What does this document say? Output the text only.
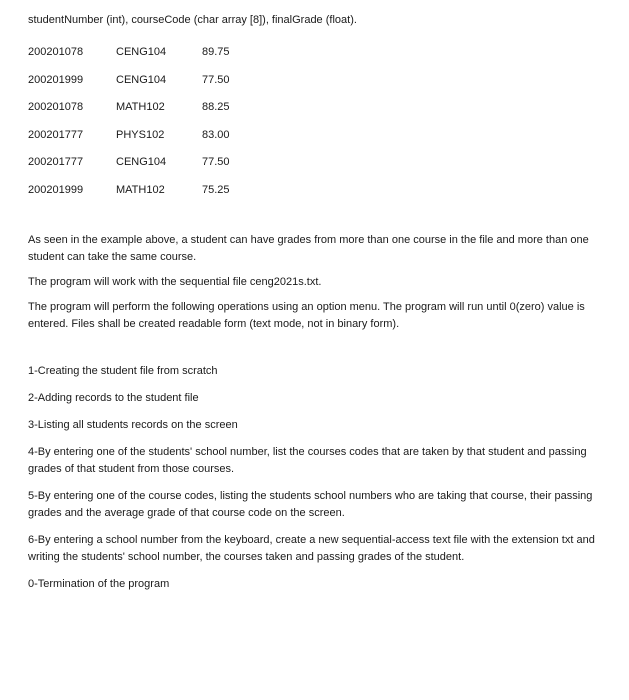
studentNumber (int), courseCode (char array [8]), finalGrade (float).

200201078	CENG104	89.75
200201999	CENG104	77.50
200201078	MATH102	88.25
200201777	PHYS102	83.00
200201777	CENG104	77.50
200201999	MATH102	75.25

As seen in the example above, a student can have grades from more than one course in the file and more than one student can take the same course.

The program will work with the sequential file ceng2021s.txt.

The program will perform the following operations using an option menu. The program will run until 0(zero) value is entered. Files shall be created readable form (text mode, not in binary form).

1-Creating the student file from scratch

2-Adding records to the student file

3-Listing all students records on the screen

4-By entering one of the students' school number, list the courses codes that are taken by that student and passing grades of that student from those courses.

5-By entering one of the course codes, listing the students school numbers who are taking that course, their passing grades and the average grade of that course code on the screen.

6-By entering a school number from the keyboard, create a new sequential-access text file with the extension txt and writing the students' school number, the courses taken and passing grades of the student.

0-Termination of the program
